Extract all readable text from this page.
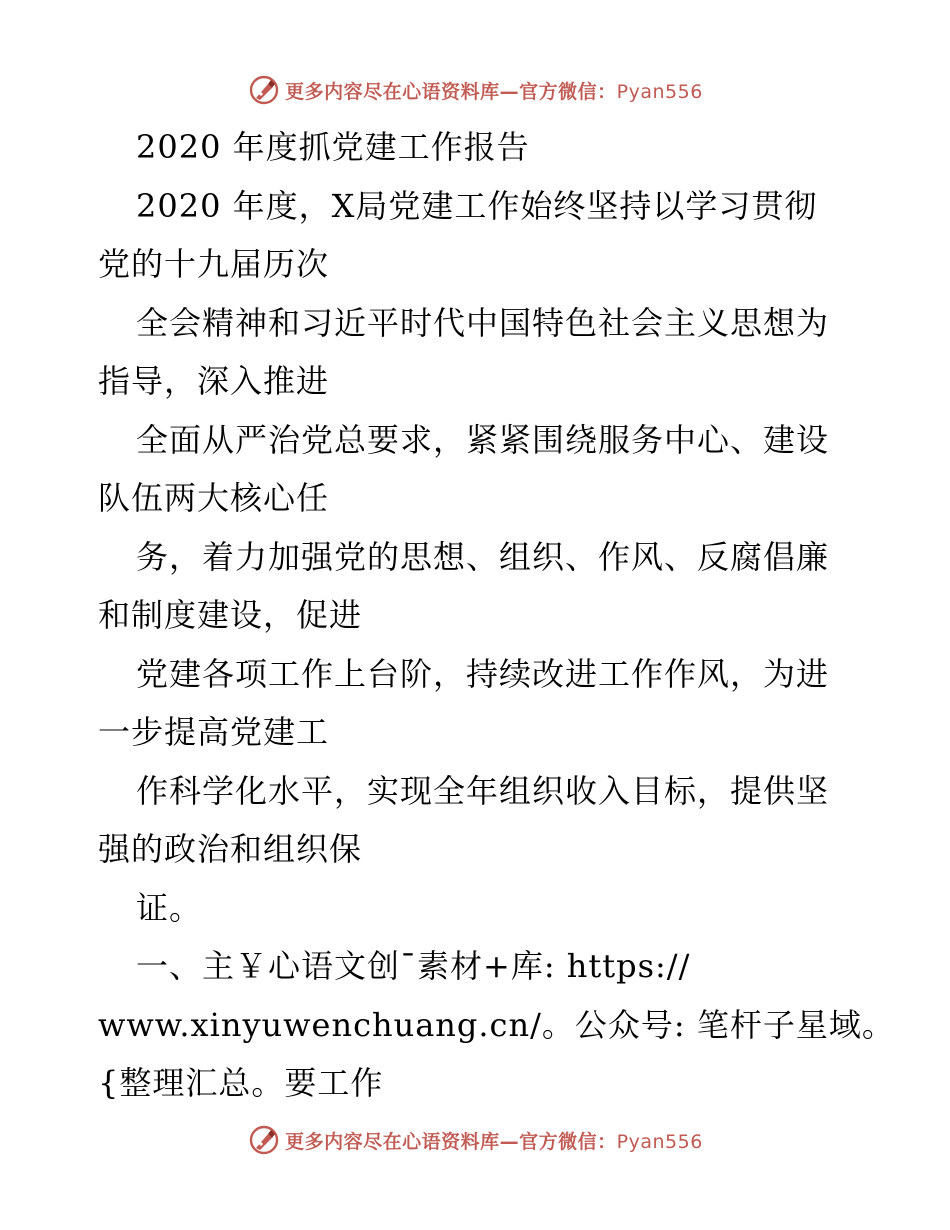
更多内容尽在心语资料库—官方微信：Pyan556
2020 年度抓党建工作报告
2020 年度，X局党建工作始终坚持以学习贯彻
党的十九届历次
全会精神和习近平时代中国特色社会主义思想为
指导，深入推进
全面从严治党总要求，紧紧围绕服务中心、建设
队伍两大核心任
务，着力加强党的思想、组织、作风、反腐倡廉
和制度建设，促进
党建各项工作上台阶，持续改进工作作风，为进
一步提高党建工
作科学化水平，实现全年组织收入目标，提供坚
强的政治和组织保
证。
一、主￥心语文创¯素材+库: https://
www.xinyuwenchuang.cn/。公众号: 笔杆子星域。
{整理汇总。要工作
更多内容尽在心语资料库—官方微信：Pyan556
